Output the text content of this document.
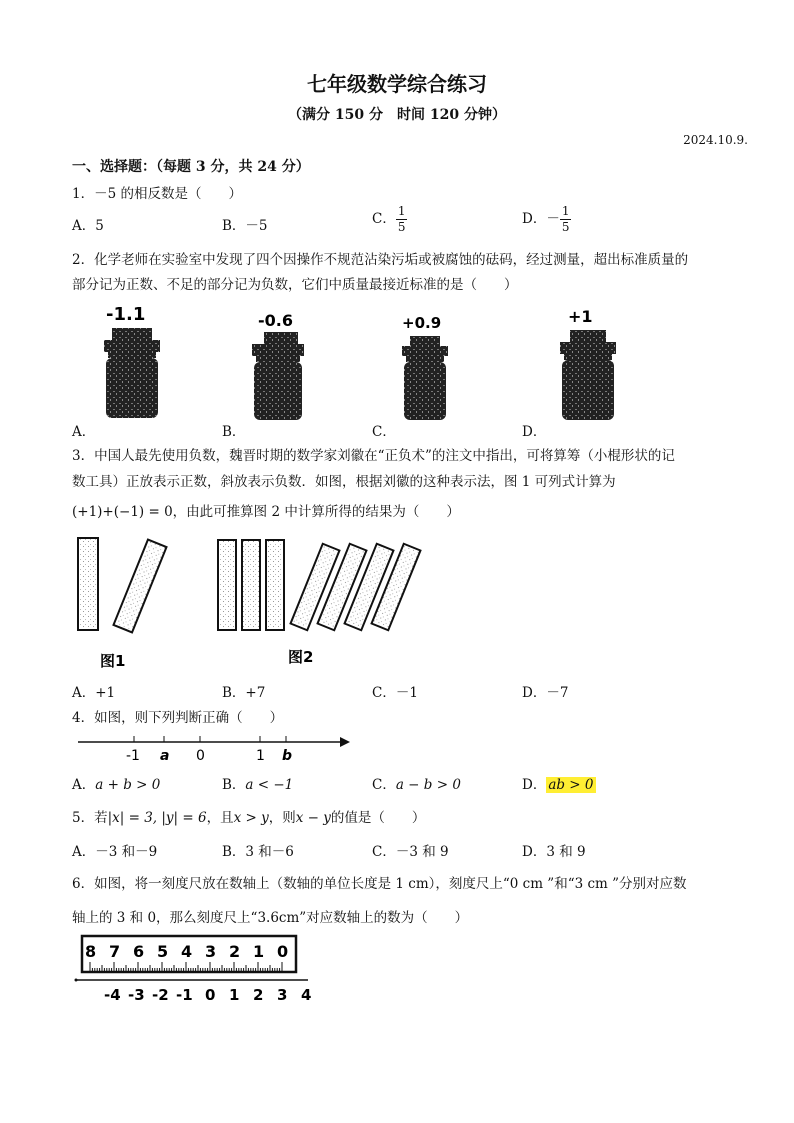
七年级数学综合练习
（满分 150 分　时间 120 分钟）
2024.10.9.
一、选择题：（每题 3 分，共 24 分）
1．－5 的相反数是（　　）
A．5	B．－5	C． $\frac{1}{5}$	D．－ $\frac{1}{5}$
2．化学老师在实验室中发现了四个因操作不规范沾染污垢或被腐蚀的砝码，经过测量，超出标准质量的
部分记为正数、不足的部分记为负数，它们中质量最接近标准的是（　　）
-1.1	-0.6	+0.9	+1
A．	B．	C．	D．
3．中国人最先使用负数，魏晋时期的数学家刘徽在“正负术”的注文中指出，可将算筹（小棍形状的记
数工具）正放表示正数，斜放表示负数．如图，根据刘徽的这种表示法，图 1 可列式计算为
(+1)+(−1) = 0，由此可推算图 2 中计算所得的结果为（　　）
图1	图2
A．+1	B．+7	C．－1	D．－7
4．如图，则下列判断正确（　　）
-1 a 0	1 b
A．a + b > 0	B．a < −1	C．a − b > 0	D． ab > 0
5．若|x| = 3, |y| = 6，且x > y，则x − y的值是（　　）
A．－3 和－9	B．3 和－6	C．－3 和 9	D．3 和 9
6．如图，将一刻度尺放在数轴上（数轴的单位长度是 1 cm），刻度尺上“0 cm ”和“3 cm ”分别对应数
轴上的 3 和 0，那么刻度尺上“3.6cm”对应数轴上的数为（　　）
8 7 6 5 4 3 2 1 0
-4 -3 -2 -1 0 1 2 3 4
